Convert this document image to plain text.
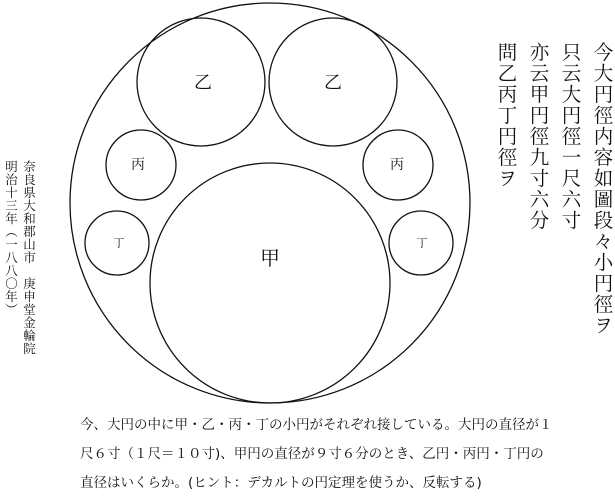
甲
乙	乙
丙	丙
丁	丁	今大円徑内容如圖段々小円徑ヲ
只云大円徑一尺六寸
亦云甲円徑九寸六分
問乙丙丁円徑ヲ
奈良県大和郡山市　庚申堂金輪院
明治十三年（一八八〇年）
今、大円の中に甲・乙・丙・丁の小円がそれぞれ接している。大円の直径が１
尺６寸（１尺＝１０寸)、甲円の直径が９寸６分のとき、乙円・丙円・丁円の
直径はいくらか。(ヒント：デカルトの円定理を使うか、反転する)
